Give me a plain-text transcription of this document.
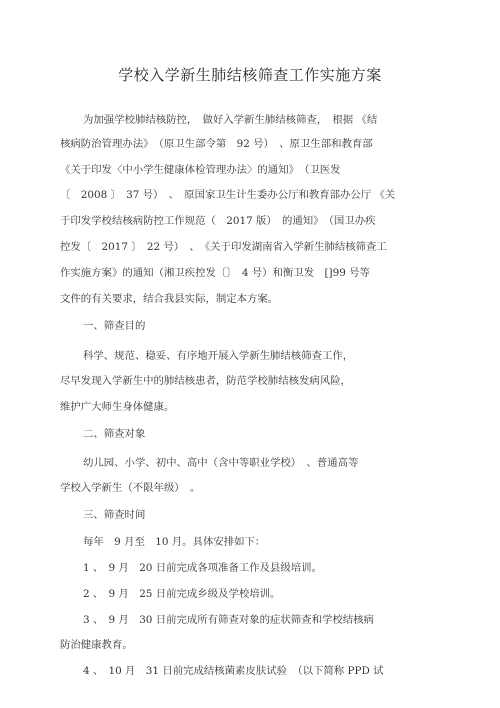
学校入学新生肺结核筛查工作实施方案
为加强学校肺结核防控，　做好入学新生肺结核筛查，　根据 《结
核病防治管理办法》　（原卫生部令第　92 号）　、原卫生部和教育部
《关于印发〈中小学生健康体检管理办法〉的通知》　（卫医发
〔　2008 〕　37 号）　、　原国家卫生计生委办公厅和教育部办公厅 《关
于印发学校结核病防控工作规范（　2017 版）　的通知》　（国卫办疾
控发〔　2017 〕　22 号）　、　《关于印发湖南省入学新生肺结核筛查工
作实施方案》的通知（湘卫疾控发〔〕　4 号）和衡卫发　[]99 号等
文件的有关要求，结合我县实际，制定本方案。
一、筛查目的
科学、规范、稳妥、有序地开展入学新生肺结核筛查工作，
尽早发现入学新生中的肺结核患者，防范学校肺结核发病风险，
维护广大师生身体健康。
二、筛查对象
幼儿园、小学、初中、高中（含中等职业学校）　、普通高等
学校入学新生（不限年级）　。
三、筛查时间
每年　9 月至　10 月。具体安排如下：
1 、　9 月　20 日前完成各项准备工作及县级培训。
2 、　9 月　25 日前完成乡级及学校培训。
3 、　9 月　30 日前完成所有筛查对象的症状筛查和学校结核病
防治健康教育。
4 、　10 月　31 日前完成结核菌素皮肤试验　（以下简称 PPD 试
